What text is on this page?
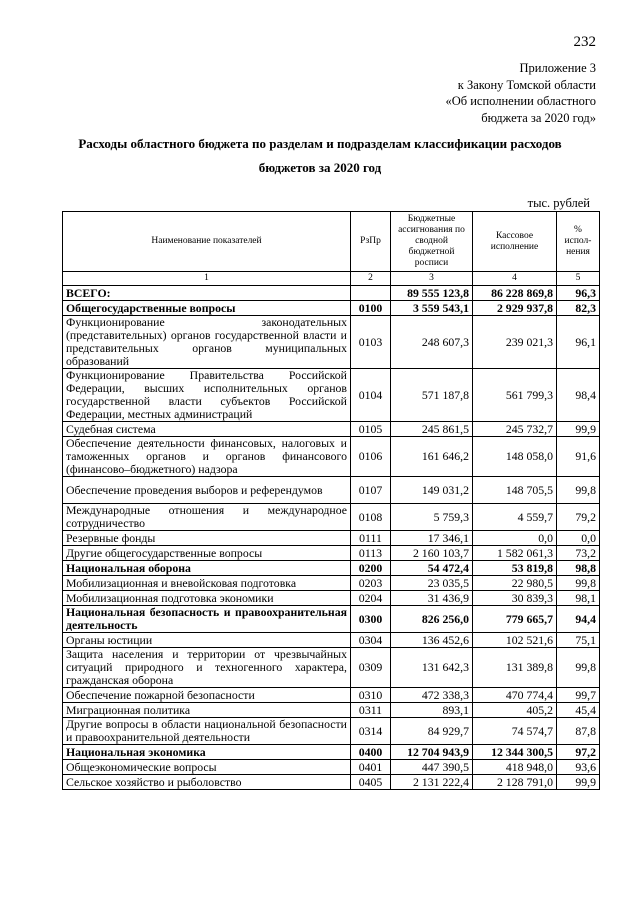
232
Приложение 3
к Закону Томской области
«Об исполнении областного
бюджета за 2020 год»
Расходы областного бюджета по разделам и подразделам классификации расходов
бюджетов за 2020 год
тыс. рублей
Наименование показателей	РзПр	Бюджетные ассигнования по сводной бюджетной росписи	Кассовое исполнение	% испол- нения
1	2	3	4	5
ВСЕГО:		89 555 123,8	86 228 869,8	96,3
Общегосударственные вопросы	0100	3 559 543,1	2 929 937,8	82,3
Функционирование законодательных (представительных) органов государственной власти и представительных органов муниципальных образований	0103	248 607,3	239 021,3	96,1
Функционирование Правительства Российской Федерации, высших исполнительных органов государственной власти субъектов Российской Федерации, местных администраций	0104	571 187,8	561 799,3	98,4
Судебная система	0105	245 861,5	245 732,7	99,9
Обеспечение деятельности финансовых, налоговых и таможенных органов и органов финансового (финансово–бюджетного) надзора	0106	161 646,2	148 058,0	91,6
Обеспечение проведения выборов и референдумов	0107	149 031,2	148 705,5	99,8
Международные отношения и международное сотрудничество	0108	5 759,3	4 559,7	79,2
Резервные фонды	0111	17 346,1	0,0	0,0
Другие общегосударственные вопросы	0113	2 160 103,7	1 582 061,3	73,2
Национальная оборона	0200	54 472,4	53 819,8	98,8
Мобилизационная и вневойсковая подготовка	0203	23 035,5	22 980,5	99,8
Мобилизационная подготовка экономики	0204	31 436,9	30 839,3	98,1
Национальная безопасность и правоохранительная деятельность	0300	826 256,0	779 665,7	94,4
Органы юстиции	0304	136 452,6	102 521,6	75,1
Защита населения и территории от чрезвычайных ситуаций природного и техногенного характера, гражданская оборона	0309	131 642,3	131 389,8	99,8
Обеспечение пожарной безопасности	0310	472 338,3	470 774,4	99,7
Миграционная политика	0311	893,1	405,2	45,4
Другие вопросы в области национальной безопасности и правоохранительной деятельности	0314	84 929,7	74 574,7	87,8
Национальная экономика	0400	12 704 943,9	12 344 300,5	97,2
Общеэкономические вопросы	0401	447 390,5	418 948,0	93,6
Сельское хозяйство и рыболовство	0405	2 131 222,4	2 128 791,0	99,9
